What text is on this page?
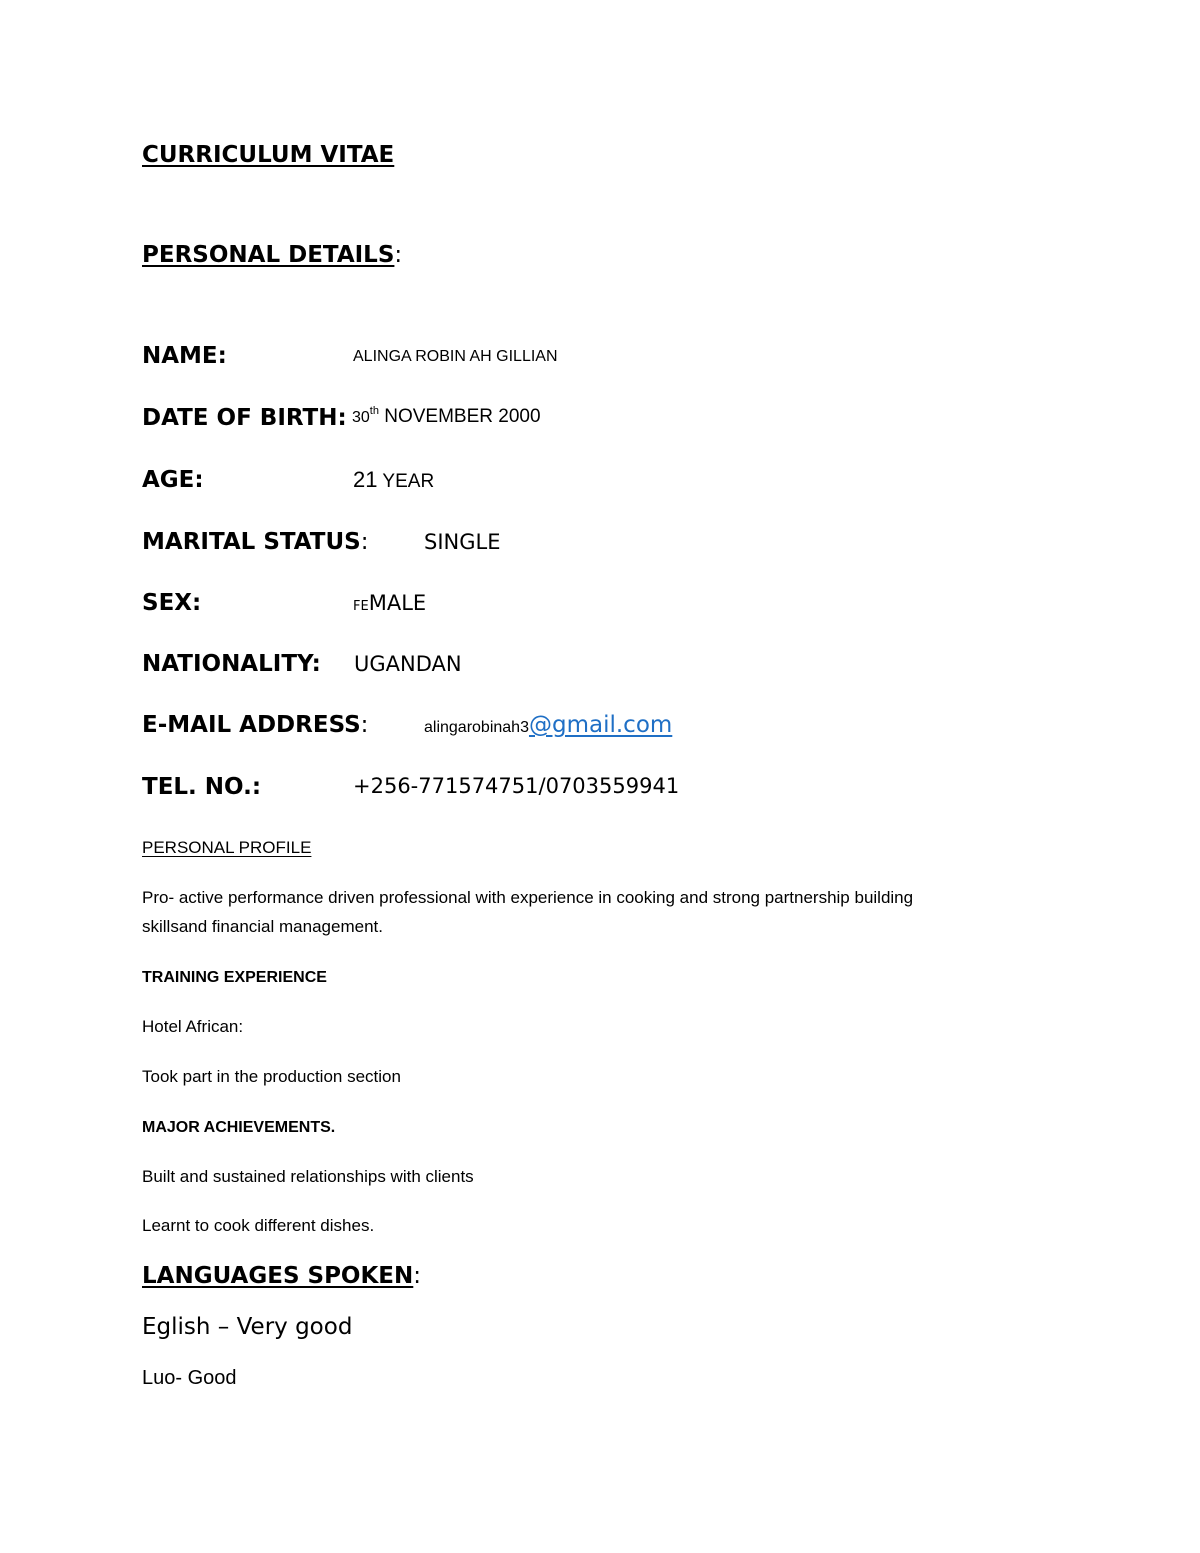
CURRICULUM VITAE
PERSONAL DETAILS:
NAME:	ALINGA ROBIN AH GILLIAN
DATE OF BIRTH: 30th NOVEMBER 2000
AGE:	21 YEAR
MARITAL STATUS:	SINGLE
SEX:	FEMALE
NATIONALITY: UGANDAN
E-MAIL ADDRESS:	alingarobinah3@gmail.com
TEL. NO.:	+256-771574751/0703559941
PERSONAL PROFILE
Pro- active performance driven professional with experience in cooking and strong partnership building
skillsand financial management.
TRAINING EXPERIENCE
Hotel African:
Took part in the production section
MAJOR ACHIEVEMENTS.
Built and sustained relationships with clients
Learnt to cook different dishes.
LANGUAGES SPOKEN:
Eglish – Very good
Luo- Good
